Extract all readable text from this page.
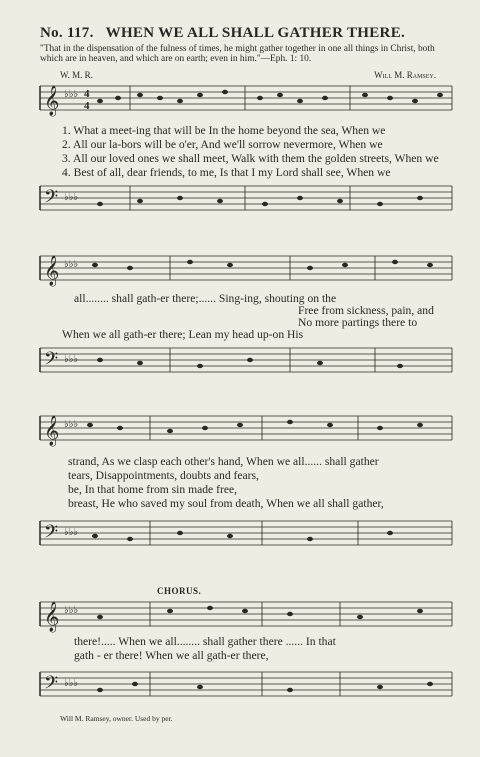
No. 117. WHEN WE ALL SHALL GATHER THERE.
"That in the dispensation of the fulness of times, he might gather together in one all things in Christ, both which are in heaven, and which are on earth; even in him."—Eph. 1: 10.
W. M. R.	Will M. Ramsey.
𝄞 ♭♭♭ 4
4
1. What a meet-ing that will be In the home beyond the sea, When we
2. All our la-bors will be o'er, And we'll sorrow nevermore, When we
3. All our loved ones we shall meet, Walk with them the golden streets, When we
4. Best of all, dear friends, to me, Is that I my Lord shall see, When we
𝄢 ♭♭♭
𝄞 ♭♭♭
all........ shall gath-er there;...... Sing-ing, shouting on the
Free from sickness, pain, and
No more partings there to
When we all gath-er there; Lean my head up-on His
𝄢 ♭♭♭
𝄞 ♭♭♭
strand, As we clasp each other's hand, When we all...... shall gather
tears, Disappointments, doubts and fears,
be, In that home from sin made free,
breast, He who saved my soul from death, When we all shall gather,
𝄢 ♭♭♭
CHORUS.
𝄞 ♭♭♭
there!..... When we all........ shall gather there ...... In that
gath - er there! When we all gath-er there,
𝄢 ♭♭♭
Will M. Ramsey, owner. Used by per.
